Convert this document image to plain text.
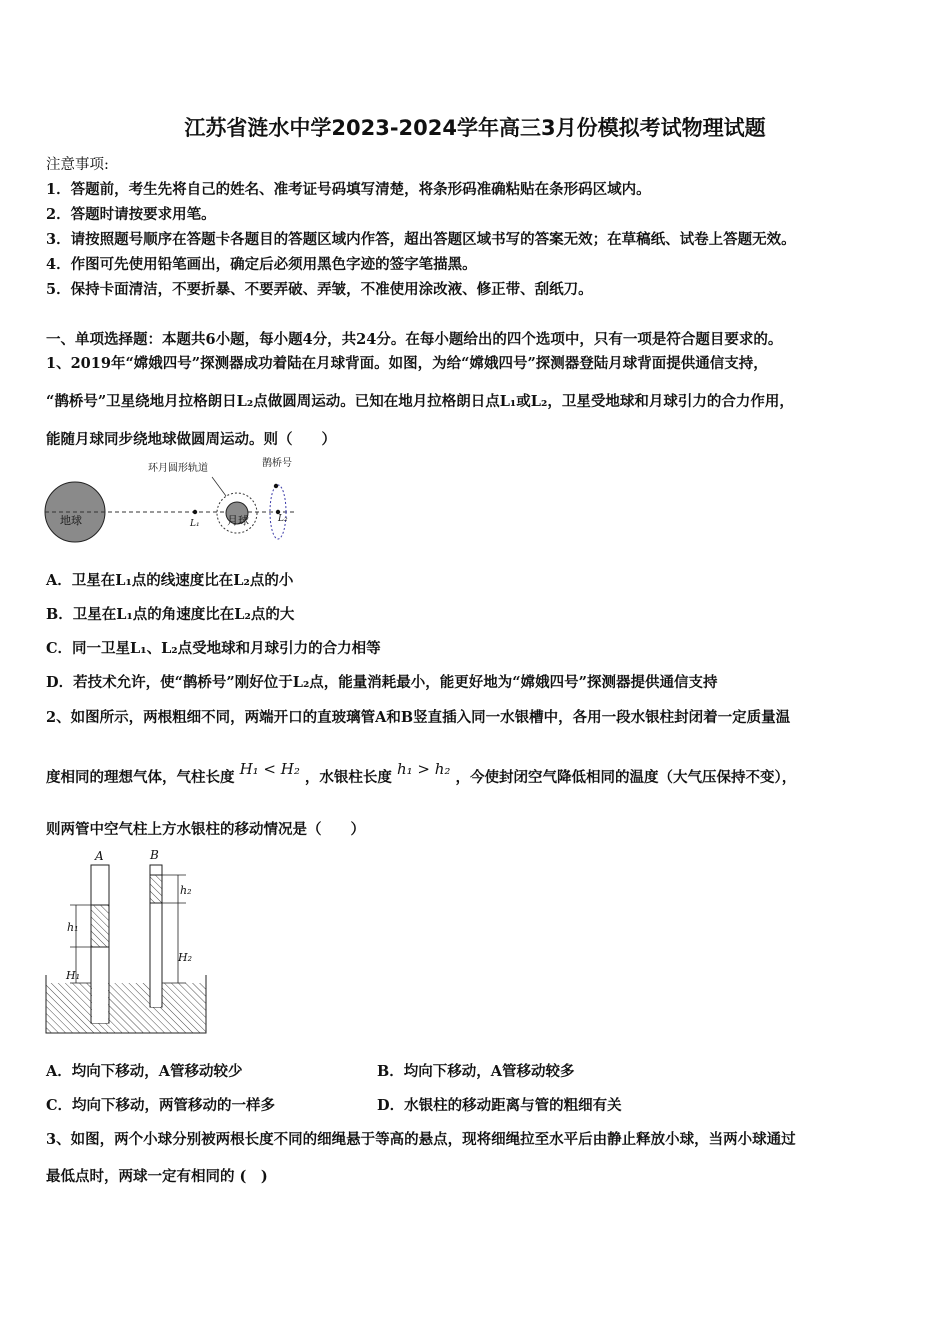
江苏省涟水中学2023-2024学年高三3月份模拟考试物理试题
注意事项:
1．答题前，考生先将自己的姓名、准考证号码填写清楚，将条形码准确粘贴在条形码区域内。
2．答题时请按要求用笔。
3．请按照题号顺序在答题卡各题目的答题区域内作答，超出答题区域书写的答案无效；在草稿纸、试卷上答题无效。
4．作图可先使用铅笔画出，确定后必须用黑色字迹的签字笔描黑。
5．保持卡面清洁，不要折暴、不要弄破、弄皱，不准使用涂改液、修正带、刮纸刀。
一、单项选择题：本题共6小题，每小题4分，共24分。在每小题给出的四个选项中，只有一项是符合题目要求的。
1、2019年“嫦娥四号”探测器成功着陆在月球背面。如图，为给“嫦娥四号”探测器登陆月球背面提供通信支持，
“鹊桥号”卫星绕地月拉格朗日L₂点做圆周运动。已知在地月拉格朗日点L₁或L₂，卫星受地球和月球引力的合力作用，
能随月球同步绕地球做圆周运动。则（　　）
地球	月球
环月圆形轨道	鹊桥号
L₁	L₂
A．卫星在L₁点的线速度比在L₂点的小
B．卫星在L₁点的角速度比在L₂点的大
C．同一卫星L₁、L₂点受地球和月球引力的合力相等
D．若技术允许，使“鹊桥号”刚好位于L₂点，能量消耗最小，能更好地为“嫦娥四号”探测器提供通信支持
2、如图所示，两根粗细不同，两端开口的直玻璃管A和B竖直插入同一水银槽中，各用一段水银柱封闭着一定质量温
度相同的理想气体，气柱长度 H₁ < H₂ ，水银柱长度 h₁ > h₂ ，今使封闭空气降低相同的温度（大气压保持不变），
则两管中空气柱上方水银柱的移动情况是（　　）
A	B
h₁
H₁
h₂
H₂
A．均向下移动，A管移动较少	B．均向下移动，A管移动较多
C．均向下移动，两管移动的一样多	D．水银柱的移动距离与管的粗细有关
3、如图，两个小球分别被两根长度不同的细绳悬于等高的悬点，现将细绳拉至水平后由静止释放小球，当两小球通过
最低点时，两球一定有相同的 (　)
